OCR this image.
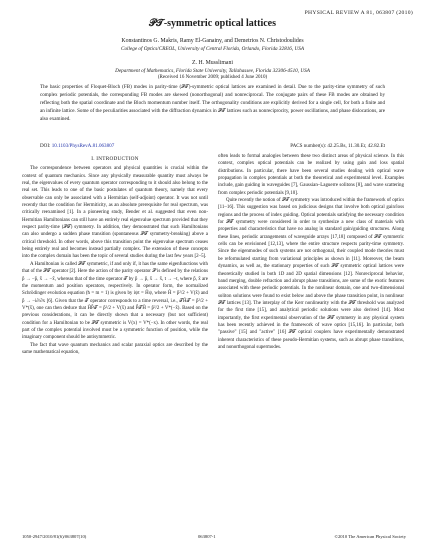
PHYSICAL REVIEW A 81, 063807 (2010)
𝒫𝒯-symmetric optical lattices
Konstantinos G. Makris, Ramy El-Ganainy, and Demetrios N. Christodoulides
College of Optics/CREOL, University of Central Florida, Orlando, Florida 32816, USA
Z. H. Musslimani
Department of Mathematics, Florida State University, Tallahassee, Florida 32306-4510, USA
(Received 16 November 2009; published 4 June 2010)
The basic properties of Floquet-Bloch (FB) modes in parity-time (𝒫𝒯)-symmetric optical lattices are examined in detail. Due to the parity-time symmetry of such complex periodic potentials, the corresponding FB modes are skewed (nonorthogonal) and nonreciprocal. The conjugate pairs of these FB modes are obtained by reflecting both the spatial coordinate and the Bloch momentum number itself. The orthogonality conditions are explicitly derived for a single cell, for both a finite and an infinite lattice. Some of the peculiarities associated with the diffraction dynamics in 𝒫𝒯 lattices such as nonreciprocity, power oscillations, and phase dislocations, are also examined.
DOI: 10.1103/PhysRevA.81.063807	PACS number(s): 42.25.Bs, 11.30.Er, 42.82.Et
I. INTRODUCTION

The correspondence between operators and physical quantities is crucial within the context of quantum mechanics. Since any physically measurable quantity must always be real, the eigenvalues of every quantum operator corresponding to it should also belong to the real set. This leads to one of the basic postulates of quantum theory, namely that every observable can only be associated with a Hermitian (self-adjoint) operator. It was not until recently that the condition for Hermiticity, as an absolute prerequisite for real spectrum, was critically reexamined [1]. In a pioneering study, Bender et al. suggested that even non-Hermitian Hamiltonians can still have an entirely real eigenvalue spectrum provided that they respect parity-time (𝒫𝒯) symmetry. In addition, they demonstrated that such Hamiltonians can also undergo a sudden phase transition (spontaneous 𝒫𝒯 symmetry-breaking) above a critical threshold. In other words, above this transition point the eigenvalue spectrum ceases being entirely real and becomes instead partially complex. The extension of these concepts into the complex domain has been the topic of several studies during the last few years [2–5].

A Hamiltonian is called 𝒫𝒯 symmetric, if and only if, it has the same eigenfunctions with that of the 𝒫𝒯 operator [2]. Here the action of the parity operator 𝒫 is defined by the relations p̂ → −p̂, x̂ → −x̂, whereas that of the time operator 𝒯 by p̂ → p̂, x̂ → x̂, t → −t, where p̂, x̂ are the momentum and position operators, respectively. In operator form, the normalized Schrödinger evolution equation (ħ = m = 1) is given by iψt = Ĥψ, where Ĥ = p̂²/2 + V(x̂) and p̂ → −i∂/∂x [6]. Given that the 𝒯 operator corresponds to a time reversal, i.e., 𝒯Ĥ𝒯 = p̂²/2 + V*(x̂), one can then deduce that ĤP̂𝒯 = p̂²/2 + V(x̂) and P̂𝒯Ĥ = p̂²/2 + V*(−x̂). Based on the previous considerations, it can be directly shown that a necessary (but not sufficient) condition for a Hamiltonian to be 𝒫𝒯 symmetric is V(x) = V*(−x). In other words, the real part of the complex potential involved must be a symmetric function of position, while the imaginary component should be antisymmetric.

The fact that wave quantum mechanics and scalar paraxial optics are described by the same mathematical equation,

often leads to formal analogies between these two distinct areas of physical science. In this context, complex optical potentials can be realized by using gain and loss spatial distributions. In particular, there have been several studies dealing with optical wave propagation in complex potentials at both the theoretical and experimental level. Examples include, gain guiding in waveguides [7], Gaussian–Laguerre solitons [8], and wave scattering from complex periodic potentials [9,10].

Quite recently the notion of 𝒫𝒯 symmetry was introduced within the framework of optics [11–16]. This suggestion was based on judicious designs that involve both optical gain/loss regions and the process of index guiding. Optical potentials satisfying the necessary condition for 𝒫𝒯 symmetry were considered in order to synthesize a new class of materials with properties and characteristics that have no analog in standard gain/guiding structures. Along these lines, periodic arrangements of waveguide arrays [17,18] composed of 𝒫𝒯 symmetric cells can be envisioned [12,13], where the entire structure respects parity-time symmetry. Since the eigenmodes of such systems are not orthogonal, their coupled mode theories must be reformulated starting from variational principles as shown in [11]. Moreover, the beam dynamics, as well as, the stationary properties of such 𝒫𝒯 symmetric optical lattices were theoretically studied in both 1D and 2D spatial dimensions [12]. Nonreciprocal behavior, band merging, double refraction and abrupt phase transitions, are some of the exotic features associated with these periodic potentials. In the nonlinear domain, one and two-dimensional soliton solutions were found to exist below and above the phase transition point, in nonlinear 𝒫𝒯 lattices [13]. The interplay of the Kerr nonlinearity with the 𝒫𝒯 threshold was analyzed for the first time [15], and analytical periodic solutions were also derived [14]. Most importantly, the first experimental observation of the 𝒫𝒯 symmetry in any physical system has been recently achieved in the framework of wave optics [15,16]. In particular, both "passive" [15] and "active" [16] 𝒫𝒯 optical couplers have experimentally demonstrated inherent characteristics of these pseudo-Hermitian systems, such as abrupt phase transitions, and nonorthogonal supermodes.

1050-2947/2010/81(6)/063807(10)	063807-1	©2010 The American Physical Society
